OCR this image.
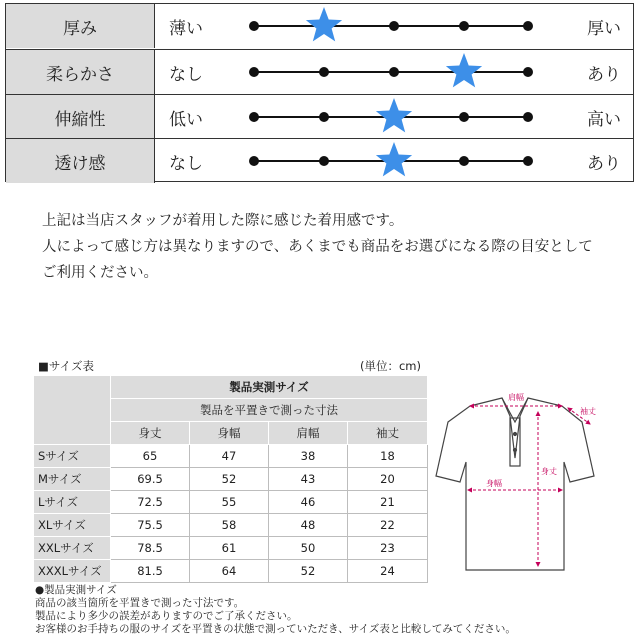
厚み	薄い	厚い
柔らかさ	なし	あり
伸縮性	低い	高い
透け感	なし	あり

上記は当店スタッフが着用した際に感じた着用感です。

人によって感じ方は異なりますので、あくまでも商品をお選びになる際の目安として

ご利用ください。

■サイズ表	(単位：cm)
	製品実測サイズ			
	製品を平置きで測った寸法			
	身丈	身幅	肩幅	袖丈
Sサイズ	65	47	38	18
Mサイズ	69.5	52	43	20
Lサイズ	72.5	55	46	21
XLサイズ	75.5	58	48	22
XXLサイズ	78.5	61	50	23
XXXLサイズ	81.5	64	52	24
肩幅
袖丈
身丈
身幅
●製品実測サイズ
商品の該当箇所を平置きで測った寸法です。
製品により多少の誤差がありますのでご了承ください。
お客様のお手持ちの服のサイズを平置きの状態で測っていただき、サイズ表と比較してみてください。
